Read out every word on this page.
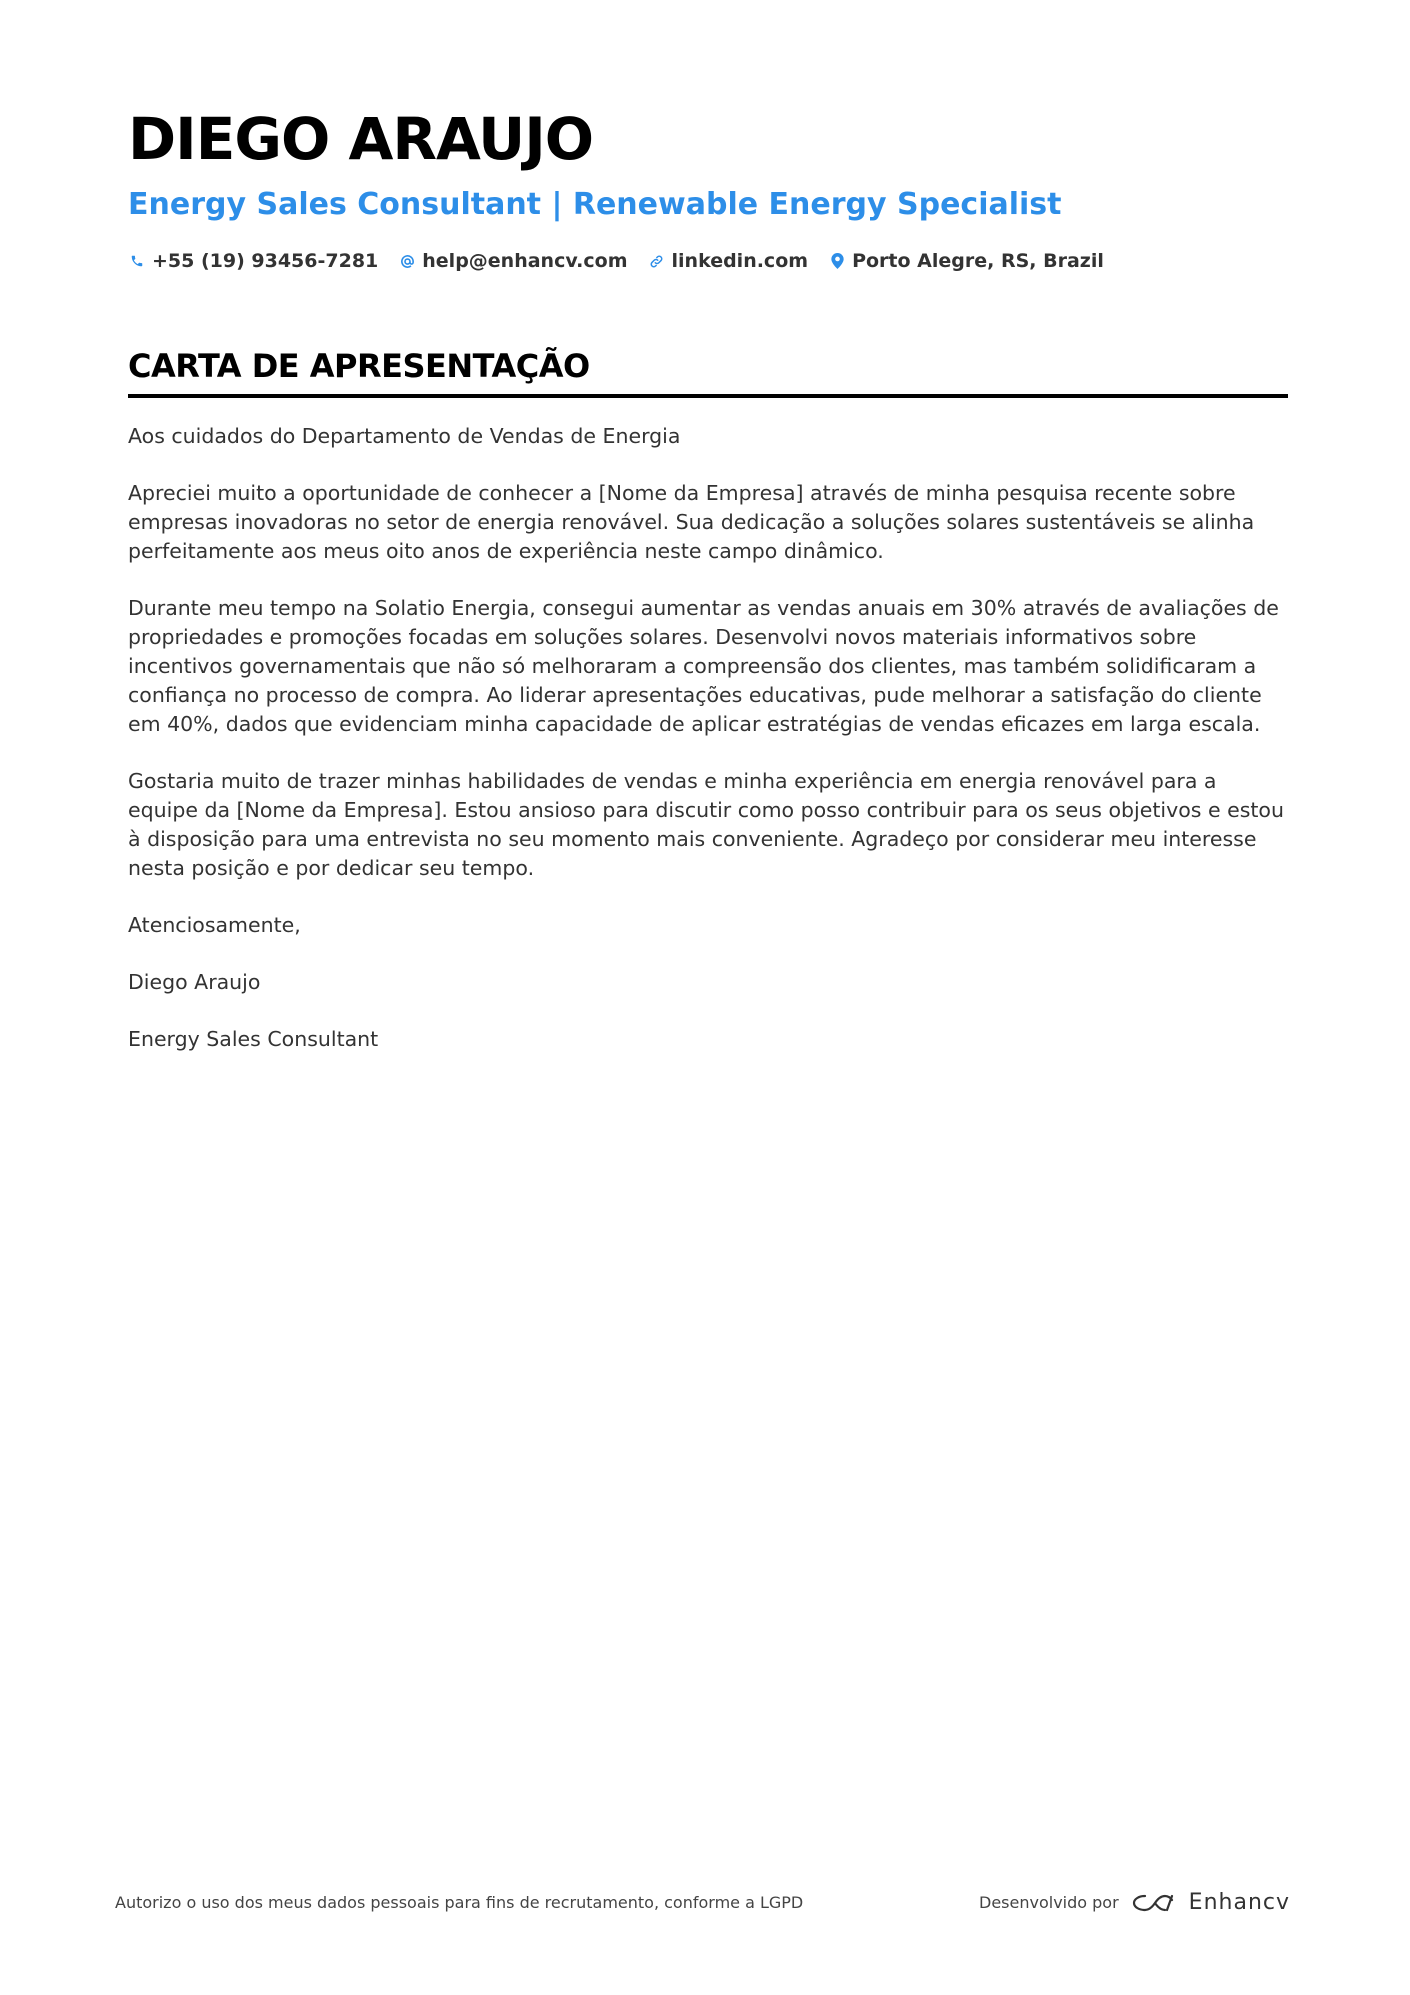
DIEGO ARAUJO
Energy Sales Consultant | Renewable Energy Specialist
+55 (19) 93456-7281 help@enhancv.com linkedin.com Porto Alegre, RS, Brazil
CARTA DE APRESENTAÇÃO

Aos cuidados do Departamento de Vendas de Energia

Apreciei muito a oportunidade de conhecer a [Nome da Empresa] através de minha pesquisa recente sobre empresas inovadoras no setor de energia renovável. Sua dedicação a soluções solares sustentáveis se alinha perfeitamente aos meus oito anos de experiência neste campo dinâmico.

Durante meu tempo na Solatio Energia, consegui aumentar as vendas anuais em 30% através de avaliações de propriedades e promoções focadas em soluções solares. Desenvolvi novos materiais informativos sobre incentivos governamentais que não só melhoraram a compreensão dos clientes, mas também solidificaram a confiança no processo de compra. Ao liderar apresentações educativas, pude melhorar a satisfação do cliente em 40%, dados que evidenciam minha capacidade de aplicar estratégias de vendas eficazes em larga escala.

Gostaria muito de trazer minhas habilidades de vendas e minha experiência em energia renovável para a equipe da [Nome da Empresa]. Estou ansioso para discutir como posso contribuir para os seus objetivos e estou à disposição para uma entrevista no seu momento mais conveniente. Agradeço por considerar meu interesse nesta posição e por dedicar seu tempo.

Atenciosamente,

Diego Araujo

Energy Sales Consultant

Autorizo o uso dos meus dados pessoais para fins de recrutamento, conforme a LGPD	Desenvolvido por	Enhancv
